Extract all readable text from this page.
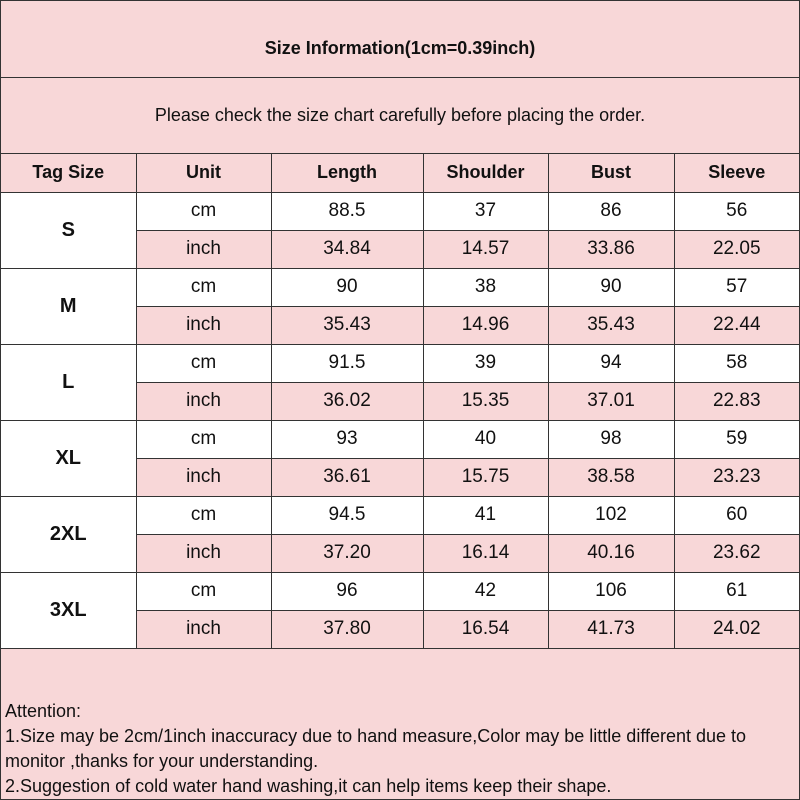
Size Information(1cm=0.39inch)
Please check the size chart carefully before placing the order.
Tag Size	Unit	Length	Shoulder	Bust	Sleeve
S	cm	88.5	37	86	56
	inch	34.84	14.57	33.86	22.05
M	cm	90	38	90	57
	inch	35.43	14.96	35.43	22.44
L	cm	91.5	39	94	58
	inch	36.02	15.35	37.01	22.83
XL	cm	93	40	98	59
	inch	36.61	15.75	38.58	23.23
2XL	cm	94.5	41	102	60
	inch	37.20	16.14	40.16	23.62
3XL	cm	96	42	106	61
	inch	37.80	16.54	41.73	24.02
Attention:
1.Size may be 2cm/1inch inaccuracy due to hand measure,Color may be little different due to monitor ,thanks for your understanding.
2.Suggestion of cold water hand washing,it can help items keep their shape.
